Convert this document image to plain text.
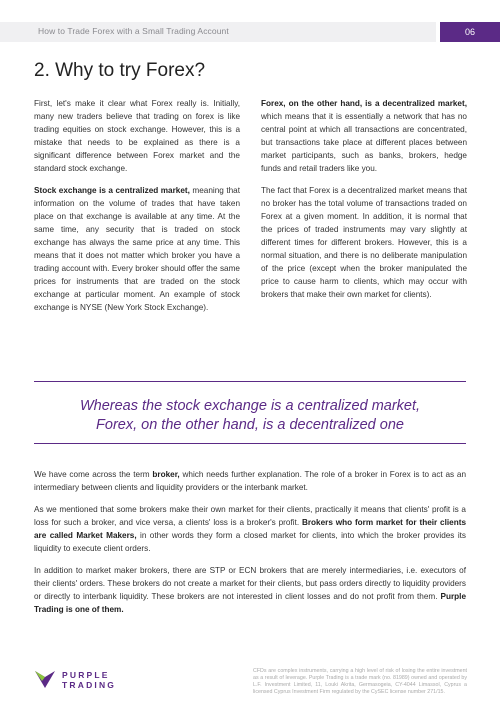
How to Trade Forex with a Small Trading Account	06
2. Why to try Forex?

First, let's make it clear what Forex really is. Initially, many new traders believe that trading on forex is like trading equities on stock exchange. However, this is a mistake that needs to be explained as there is a significant difference between Forex market and the standard stock exchange.

Stock exchange is a centralized market, meaning that information on the volume of trades that have taken place on that exchange is available at any time. At the same time, any security that is traded on stock exchange has always the same price at any time. This means that it does not matter which broker you have a trading account with. Every broker should offer the same prices for instruments that are traded on the stock exchange at particular moment. An example of stock exchange is NYSE (New York Stock Exchange).

Forex, on the other hand, is a decentralized market, which means that it is essentially a network that has no central point at which all transactions are concentrated, but transactions take place at different places between market participants, such as banks, brokers, hedge funds and retail traders like you.

The fact that Forex is a decentralized market means that no broker has the total volume of transactions traded on Forex at a given moment. In addition, it is normal that the prices of traded instruments may vary slightly at different times for different brokers. However, this is a normal situation, and there is no deliberate manipulation of the price (except when the broker manipulated the price to cause harm to clients, which may occur with brokers that make their own market for clients).

Whereas the stock exchange is a centralized market,
Forex, on the other hand, is a decentralized one

We have come across the term broker, which needs further explanation. The role of a broker in Forex is to act as an intermediary between clients and liquidity providers or the interbank market.

As we mentioned that some brokers make their own market for their clients, practically it means that clients' profit is a loss for such a broker, and vice versa, a clients' loss is a broker's profit. Brokers who form market for their clients are called Market Makers, in other words they form a closed market for clients, into which the broker provides its liquidity to execute client orders.

In addition to market maker brokers, there are STP or ECN brokers that are merely intermediaries, i.e. executors of their clients' orders. These brokers do not create a market for their clients, but pass orders directly to liquidity providers or directly to interbank liquidity. These brokers are not interested in client losses and do not profit from them. Purple Trading is one of them.

PURPLE
TRADING
CFDs are complex instruments, carrying a high level of risk of losing the entire investment as a result of leverage. Purple Trading is a trade mark (no. 81989) owned and operated by L.F. Investment Limited, 11, Louki Akrita, Germasogeia, CY-4044 Limassol, Cyprus a licensed Cyprus Investment Firm regulated by the CySEC license number 271/15.
